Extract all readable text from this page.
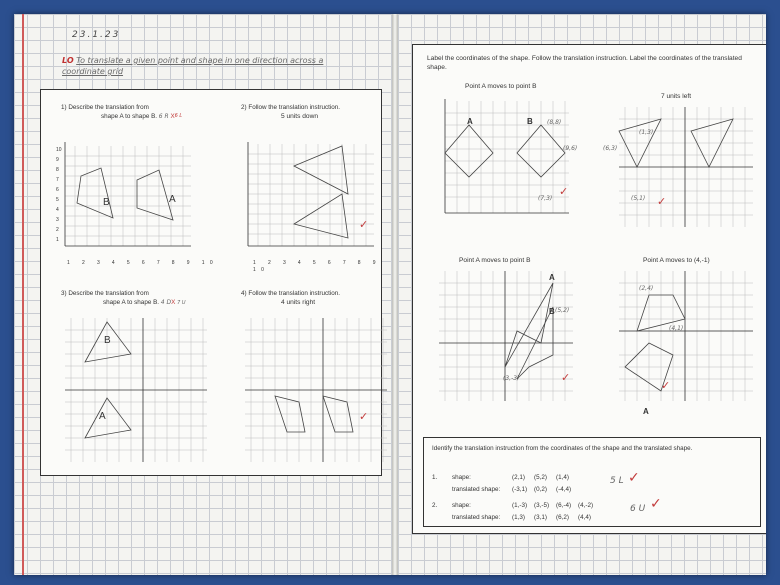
23.1.23
LO To translate a given point and shape in one direction across a
coordinate grid
1) Describe the translation from
shape A to shape B. 6 R $X^{6 L}$
B	A
1 2 3 4 5 6 7 8 9 10
10
9
8
7
6
5
4
3
2
1
2) Follow the translation instruction.
5 units down
1 2 3 4 5 6 7 8 9 10
✓
3) Describe the translation from
shape A to shape B. 4 DX 7 U
B
A
4) Follow the translation instruction.
4 units right
✓
Label the coordinates of the shape. Follow the translation instruction. Label the coordinates of the translated shape.
Point A moves to point B
A	B (8,8)
(9,6)
(7,3)
✓
7 units left
(6,3)
(1,3)
(5,1) ✓
Point A moves to point B
A
B (5,2)
(3,-3)	✓
Point A moves to (4,-1)
A
(2,4)
(4,1)
✓
Identify the translation instruction from the coordinates of the shape and the translated shape.
1. shape:	(2,1) (5,2) (1,4)
translated shape: (-3,1) (0,2) (-4,4)
5 L ✓
2. shape:	(1,-3) (3,-5) (6,-4) (4,-2)
translated shape: (1,3) (3,1) (6,2) (4,4)
6 U ✓
